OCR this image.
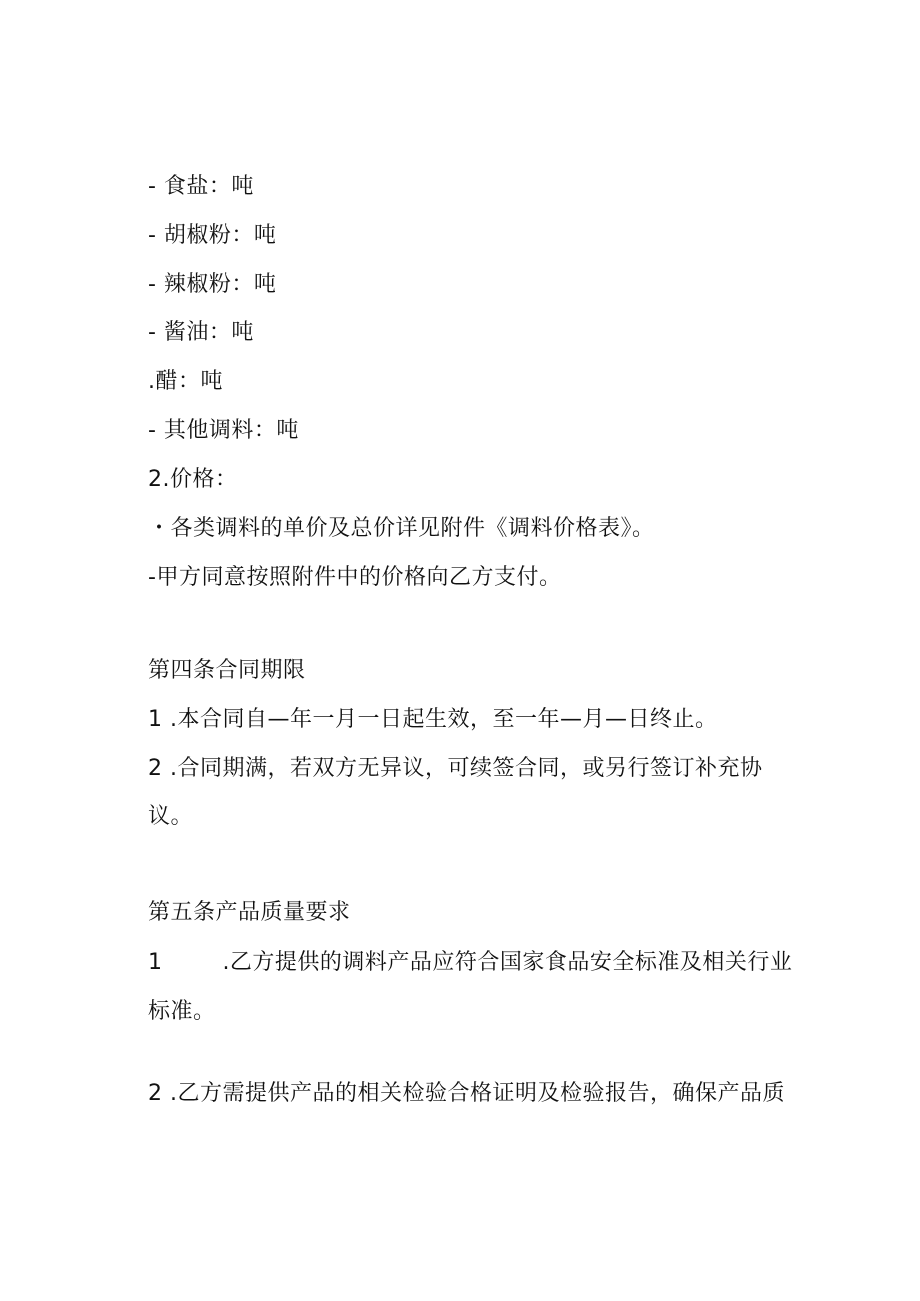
- 食盐：吨
- 胡椒粉：吨
- 辣椒粉：吨
- 酱油：吨
.醋：吨
- 其他调料：吨
2.价格：
・各类调料的单价及总价详见附件《调料价格表》。
-甲方同意按照附件中的价格向乙方支付。
第四条合同期限
1 .本合同自—年一月一日起生效，至一年—月—日终止。
2 .合同期满，若双方无异议，可续签合同，或另行签订补充协
议。
第五条产品质量要求
1        .乙方提供的调料产品应符合国家食品安全标准及相关行业
标准。
2 .乙方需提供产品的相关检验合格证明及检验报告，确保产品质
